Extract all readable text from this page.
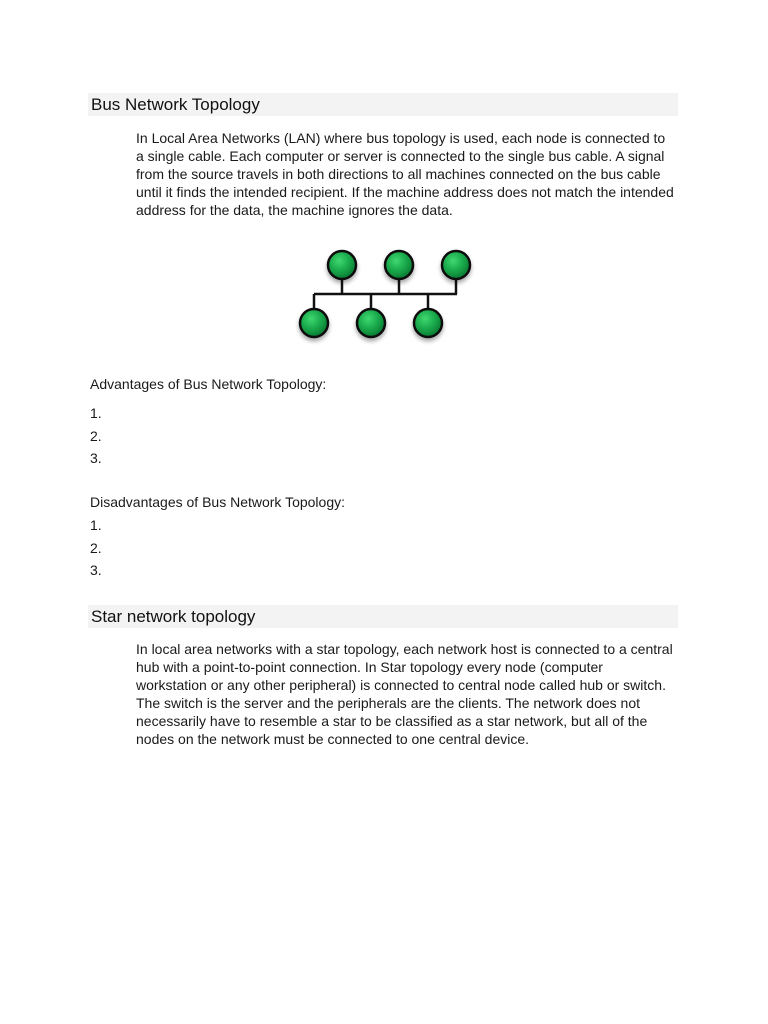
Bus Network Topology

In Local Area Networks (LAN) where bus topology is used, each node is connected to a single cable. Each computer or server is connected to the single bus cable. A signal from the source travels in both directions to all machines connected on the bus cable until it finds the intended recipient. If the machine address does not match the intended address for the data, the machine ignores the data.

Advantages of Bus Network Topology:

1.
2.
3.

Disadvantages of Bus Network Topology:

1.
2.
3.
Star network topology

In local area networks with a star topology, each network host is connected to a central hub with a point-to-point connection. In Star topology every node (computer workstation or any other peripheral) is connected to central node called hub or switch. The switch is the server and the peripherals are the clients. The network does not necessarily have to resemble a star to be classified as a star network, but all of the nodes on the network must be connected to one central device.
